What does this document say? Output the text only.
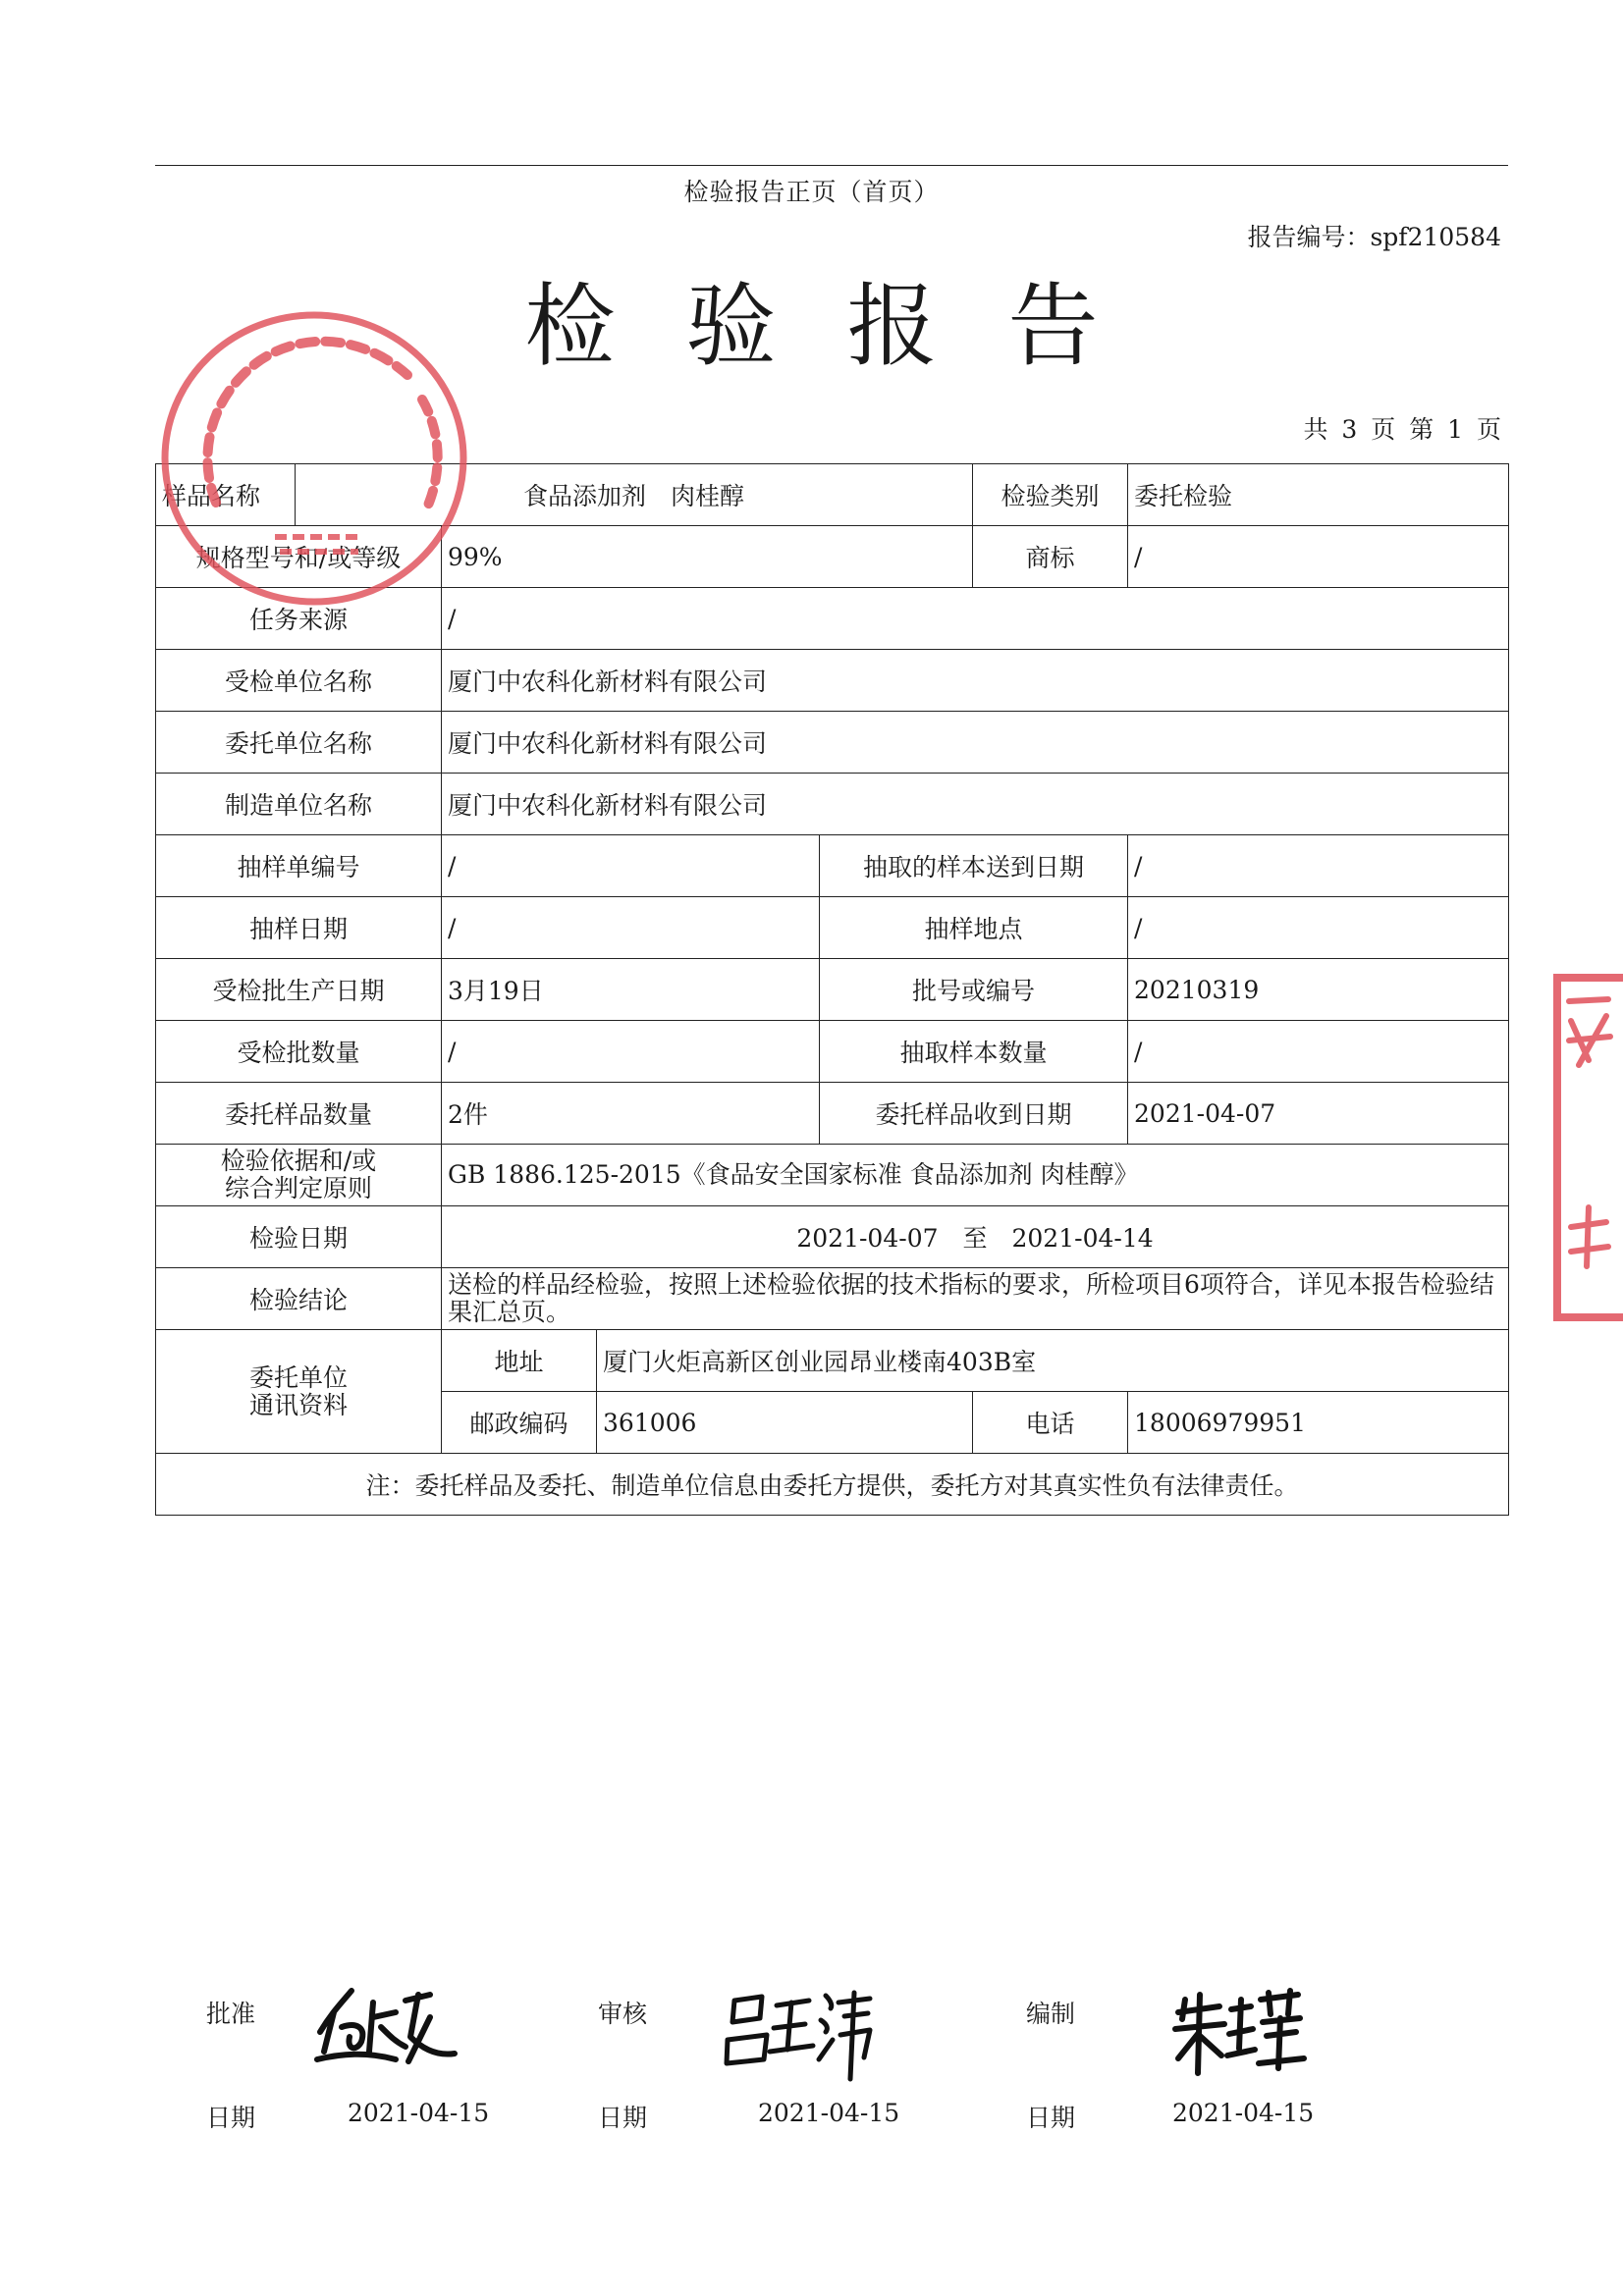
检验报告正页（首页）
报告编号：spf210584
检验报告
共 3 页 第 1 页
样品名称	食品添加剂　肉桂醇				检验类别	委托检验
规格型号和/或等级		99%			商标	/
任务来源		/				
受检单位名称		厦门中农科化新材料有限公司				
委托单位名称		厦门中农科化新材料有限公司				
制造单位名称		厦门中农科化新材料有限公司				
抽样单编号		/		抽取的样本送到日期		/
抽样日期		/		抽样地点		/
受检批生产日期		3月19日		批号或编号		20210319
受检批数量		/		抽取样本数量		/
委托样品数量		2件		委托样品收到日期		2021-04-07

检验依据和/或
综合判定原则		GB 1886.125-2015《食品安全国家标准 食品添加剂 肉桂醇》				
检验日期		2021-04-07　至　2021-04-14				
检验结论		送检的样品经检验，按照上述检验依据的技术指标的要求，所检项目6项符合，详见本报告检验结果汇总页。				

委托单位
通讯资料		地址	厦门火炬高新区创业园昂业楼南403B室			
		邮政编码	361006		电话	18006979951
注：委托样品及委托、制造单位信息由委托方提供，委托方对其真实性负有法律责任。						
批准	审核	编制
日期	2021-04-15	日期	2021-04-15	日期	2021-04-15
